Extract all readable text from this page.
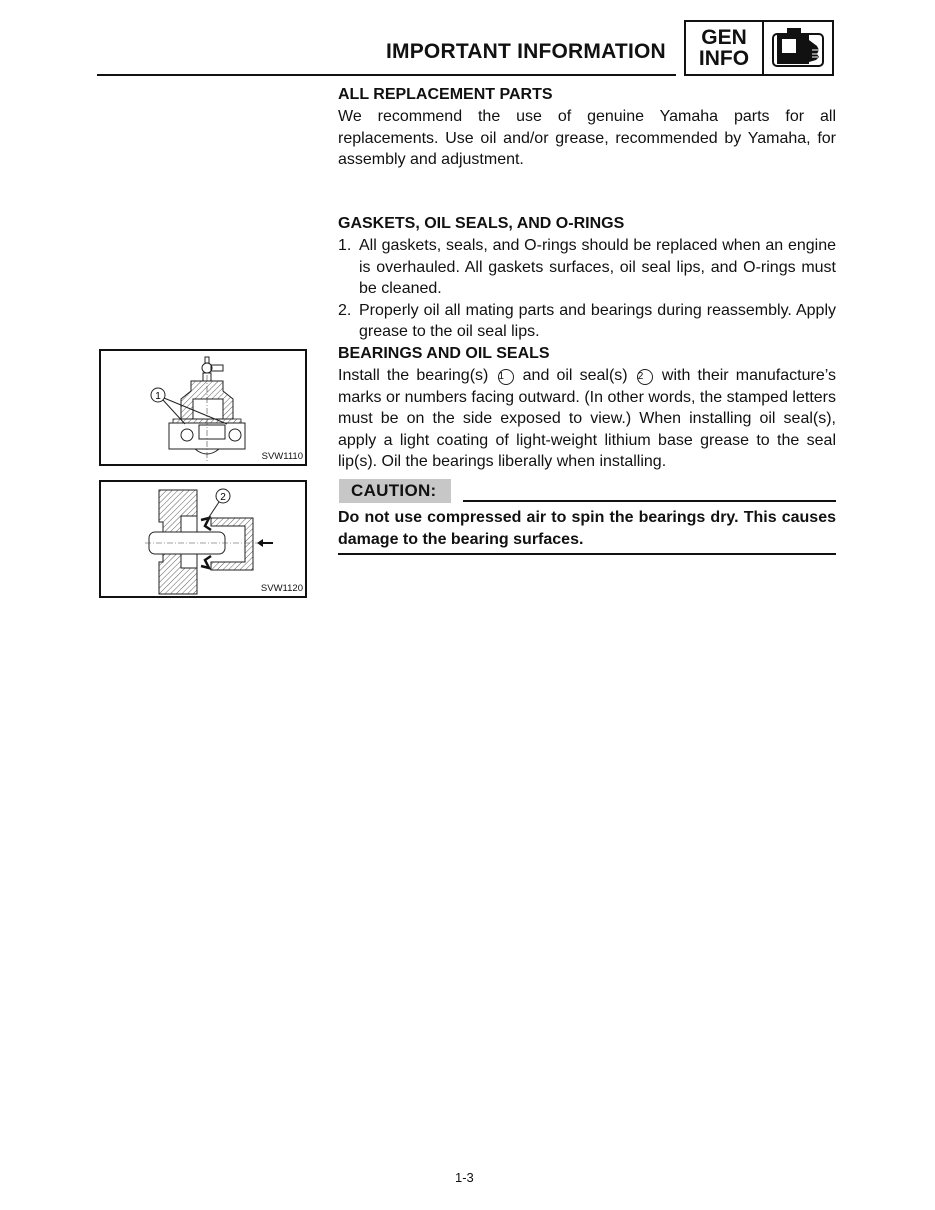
IMPORTANT INFORMATION
GEN
INFO
ALL REPLACEMENT PARTS
We recommend the use of genuine Yamaha parts for all replacements. Use oil and/or grease, recommended by Yamaha, for assembly and adjustment.
GASKETS, OIL SEALS, AND O-RINGS
1. All gaskets, seals, and O-rings should be replaced when an engine is overhauled. All gaskets surfaces, oil seal lips, and O-rings must be cleaned.
2. Properly oil all mating parts and bearings during reassembly. Apply grease to the oil seal lips.
BEARINGS AND OIL SEALS
Install the bearing(s) 1 and oil seal(s) 2 with their manufacture’s marks or numbers facing outward. (In other words, the stamped letters must be on the side exposed to view.) When installing oil seal(s), apply a light coating of light-weight lithium base grease to the seal lip(s). Oil the bearings liberally when installing.
CAUTION:
Do not use compressed air to spin the bearings dry. This causes damage to the bearing surfaces.
1
SVW1110
2
SVW1120
1-3
